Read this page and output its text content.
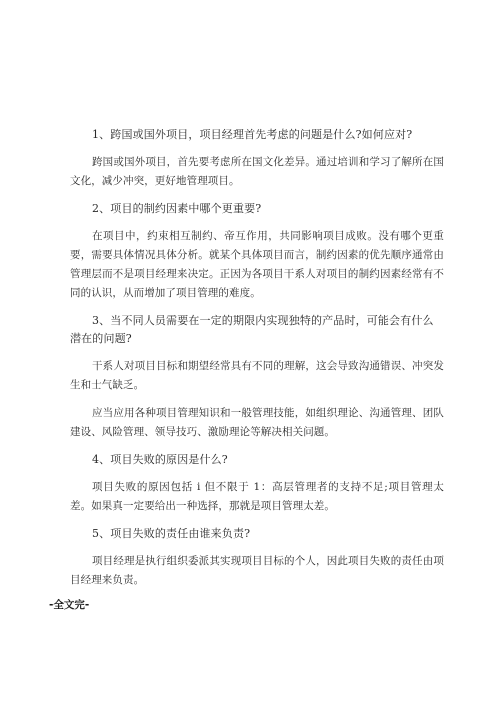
1、跨国或国外项目，项目经理首先考虑的问题是什么?如何应对?

跨国或国外项目，首先要考虑所在国文化差异。通过培训和学习了解所在国文化，减少冲突，更好地管理项目。

2、项目的制约因素中哪个更重要?

在项目中，约束相互制约、帝互作用，共同影响项目成败。没有哪个更重要，需要具体情况具体分析。就某个具体项目而言，制约因素的优先顺序通常由管理层而不是项目经理来决定。正因为各项目干系人对项目的制约因素经常有不同的认识，从而增加了项目管理的难度。

3、当不同人员需要在一定的期限内实现独特的产品时，可能会有什么潜在的问题?

干系人对项目目标和期望经常具有不同的理解，这会导致沟通错误、冲突发生和士气缺乏。

应当应用各种项目管理知识和一般管理技能，如组织理论、沟通管理、团队建设、风险管理、领导技巧、激励理论等解决相关问题。

4、项目失败的原因是什么?

项目失败的原因包括 i 但不限于 1：高层管理者的支持不足;项目管理太差。如果真一定要给出一种选择，那就是项目管理太差。

5、项目失败的责任由谁来负责?

项目经理是执行组织委派其实现项目目标的个人，因此项目失败的责任由项目经理来负责。

-全文完-
